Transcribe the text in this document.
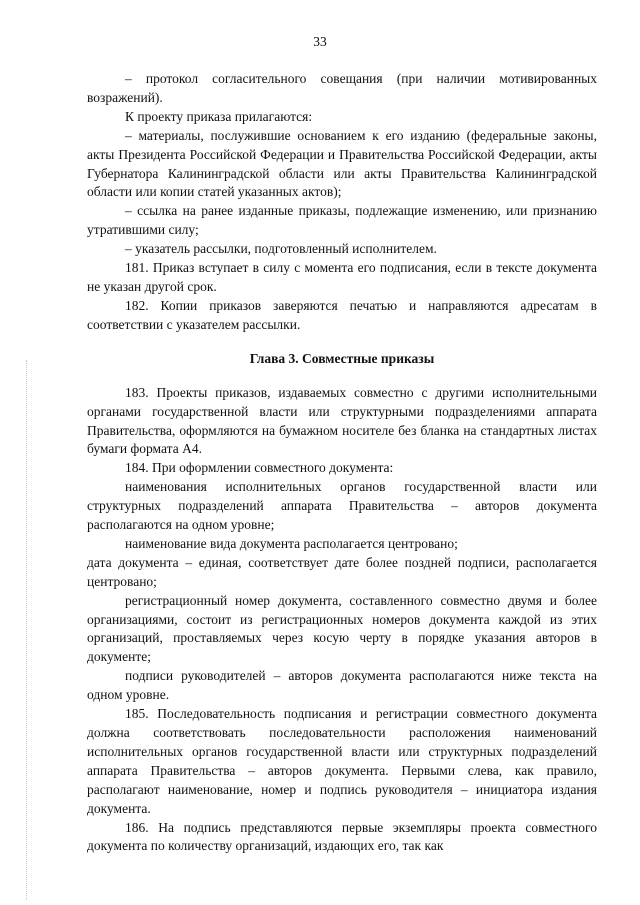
33

– протокол согласительного совещания (при наличии мотивированных возражений).

К проекту приказа прилагаются:

– материалы, послужившие основанием к его изданию (федеральные законы, акты Президента Российской Федерации и Правительства Российской Федерации, акты Губернатора Калининградской области или акты Правительства Калининградской области или копии статей указанных актов);

– ссылка на ранее изданные приказы, подлежащие изменению, или признанию утратившими силу;

– указатель рассылки, подготовленный исполнителем.

181. Приказ вступает в силу с момента его подписания, если в тексте документа не указан другой срок.

182. Копии приказов заверяются печатью и направляются адресатам в соответствии с указателем рассылки.

Глава 3. Совместные приказы

183. Проекты приказов, издаваемых совместно с другими исполнительными органами государственной власти или структурными подразделениями аппарата Правительства, оформляются на бумажном носителе без бланка на стандартных листах бумаги формата А4.

184. При оформлении совместного документа:

наименования исполнительных органов государственной власти или структурных подразделений аппарата Правительства – авторов документа располагаются на одном уровне;

наименование вида документа располагается центровано;

дата документа – единая, соответствует дате более поздней подписи, располагается центровано;

регистрационный номер документа, составленного совместно двумя и более организациями, состоит из регистрационных номеров документа каждой из этих организаций, проставляемых через косую черту в порядке указания авторов в документе;

подписи руководителей – авторов документа располагаются ниже текста на одном уровне.

185. Последовательность подписания и регистрации совместного документа должна соответствовать последовательности расположения наименований исполнительных органов государственной власти или структурных подразделений аппарата Правительства – авторов документа. Первыми слева, как правило, располагают наименование, номер и подпись руководителя – инициатора издания документа.

186. На подпись представляются первые экземпляры проекта совместного документа по количеству организаций, издающих его, так как
